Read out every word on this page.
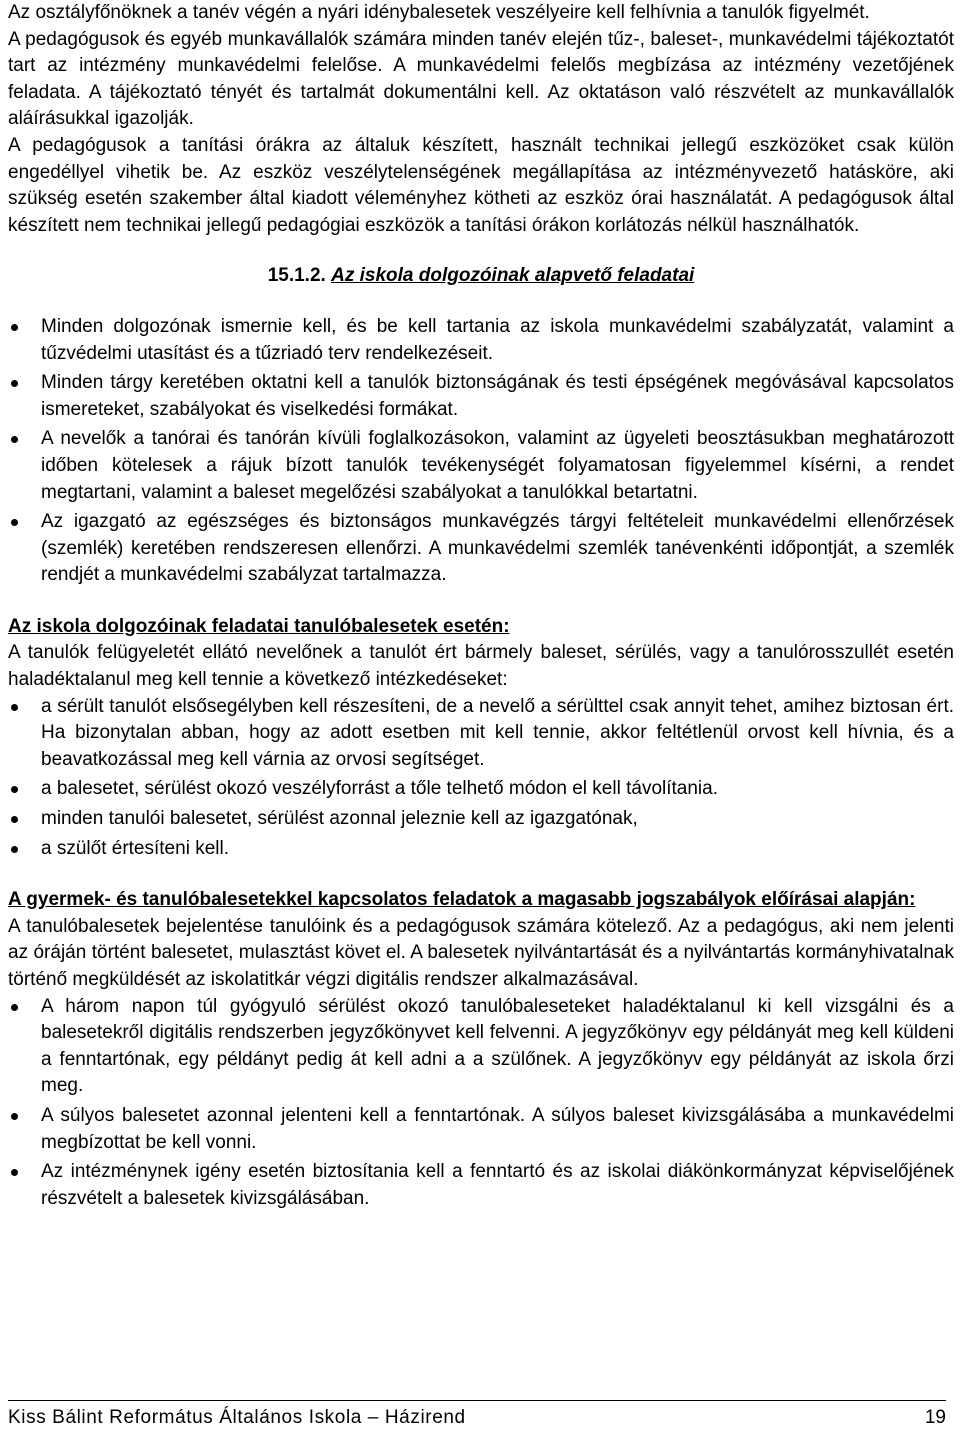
Az osztályfőnöknek a tanév végén a nyári idénybalesetek veszélyeire kell felhívnia a tanulók figyelmét.

A pedagógusok és egyéb munkavállalók számára minden tanév elején tűz-, baleset-, munkavédelmi tájékoztatót tart az intézmény munkavédelmi felelőse. A munkavédelmi felelős megbízása az intézmény vezetőjének feladata. A tájékoztató tényét és tartalmát dokumentálni kell. Az oktatáson való részvételt az munkavállalók aláírásukkal igazolják.

A pedagógusok a tanítási órákra az általuk készített, használt technikai jellegű eszközöket csak külön engedéllyel vihetik be. Az eszköz veszélytelenségének megállapítása az intézményvezető hatásköre, aki szükség esetén szakember által kiadott véleményhez kötheti az eszköz órai használatát. A pedagógusok által készített nem technikai jellegű pedagógiai eszközök a tanítási órákon korlátozás nélkül használhatók.

15.1.2. Az iskola dolgozóinak alapvető feladatai
Minden dolgozónak ismernie kell, és be kell tartania az iskola munkavédelmi szabályzatát, valamint a tűzvédelmi utasítást és a tűzriadó terv rendelkezéseit.
Minden tárgy keretében oktatni kell a tanulók biztonságának és testi épségének megóvásával kapcsolatos ismereteket, szabályokat és viselkedési formákat.
A nevelők a tanórai és tanórán kívüli foglalkozásokon, valamint az ügyeleti beosztásukban meghatározott időben kötelesek a rájuk bízott tanulók tevékenységét folyamatosan figyelemmel kísérni, a rendet megtartani, valamint a baleset megelőzési szabályokat a tanulókkal betartatni.
Az igazgató az egészséges és biztonságos munkavégzés tárgyi feltételeit munkavédelmi ellenőrzések (szemlék) keretében rendszeresen ellenőrzi. A munkavédelmi szemlék tanévenkénti időpontját, a szemlék rendjét a munkavédelmi szabályzat tartalmazza.

Az iskola dolgozóinak feladatai tanulóbalesetek esetén:

A tanulók felügyeletét ellátó nevelőnek a tanulót ért bármely baleset, sérülés, vagy a tanulórosszullét esetén haladéktalanul meg kell tennie a következő intézkedéseket:

a sérült tanulót elsősegélyben kell részesíteni, de a nevelő a sérülttel csak annyit tehet, amihez biztosan ért. Ha bizonytalan abban, hogy az adott esetben mit kell tennie, akkor feltétlenül orvost kell hívnia, és a beavatkozással meg kell várnia az orvosi segítséget.
a balesetet, sérülést okozó veszélyforrást a tőle telhető módon el kell távolítania.
minden tanulói balesetet, sérülést azonnal jeleznie kell az igazgatónak,
a szülőt értesíteni kell.

A gyermek- és tanulóbalesetekkel kapcsolatos feladatok a magasabb jogszabályok előírásai alapján:

A tanulóbalesetek bejelentése tanulóink és a pedagógusok számára kötelező. Az a pedagógus, aki nem jelenti az óráján történt balesetet, mulasztást követ el. A balesetek nyilvántartását és a nyilvántartás kormányhivatalnak történő megküldését az iskolatitkár végzi digitális rendszer alkalmazásával.

A három napon túl gyógyuló sérülést okozó tanulóbaleseteket haladéktalanul ki kell vizsgálni és a balesetekről digitális rendszerben jegyzőkönyvet kell felvenni. A jegyzőkönyv egy példányát meg kell küldeni a fenntartónak, egy példányt pedig át kell adni a a szülőnek. A jegyzőkönyv egy példányát az iskola őrzi meg.
A súlyos balesetet azonnal jelenteni kell a fenntartónak. A súlyos baleset kivizsgálásába a munkavédelmi megbízottat be kell vonni.
Az intézménynek igény esetén biztosítania kell a fenntartó és az iskolai diákönkormányzat képviselőjének részvételt a balesetek kivizsgálásában.
Kiss Bálint Református Általános Iskola – Házirend	19
